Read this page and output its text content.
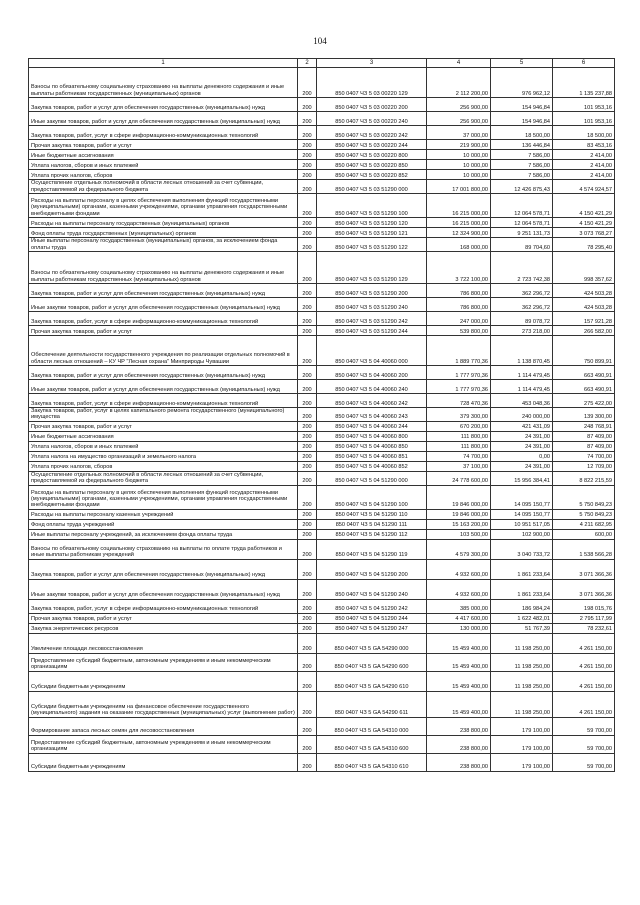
104
1	2	3	4	5	6
Взносы по обязательному социальному страхованию на выплаты денежного содержания и иные выплаты работникам государственных (муниципальных) органов	200	850 0407 ЧЗ 5 03 00220 129	2 112 200,00	976 962,12	1 135 237,88
Закупка товаров, работ и услуг для обеспечения государственных (муниципальных) нужд	200	850 0407 ЧЗ 5 03 00220 200	256 900,00	154 946,84	101 953,16
Иные закупки товаров, работ и услуг для обеспечения государственных (муниципальных) нужд	200	850 0407 ЧЗ 5 03 00220 240	256 900,00	154 946,84	101 953,16
Закупка товаров, работ, услуг в сфере информационно-коммуникационных технологий	200	850 0407 ЧЗ 5 03 00220 242	37 000,00	18 500,00	18 500,00
Прочая закупка товаров, работ и услуг	200	850 0407 ЧЗ 5 03 00220 244	219 900,00	136 446,84	83 453,16
Иные бюджетные ассигнования	200	850 0407 ЧЗ 5 03 00220 800	10 000,00	7 586,00	2 414,00
Уплата налогов, сборов и иных платежей	200	850 0407 ЧЗ 5 03 00220 850	10 000,00	7 586,00	2 414,00
Уплата прочих налогов, сборов	200	850 0407 ЧЗ 5 03 00220 852	10 000,00	7 586,00	2 414,00
Осуществление отдельных полномочий в области лесных отношений за счет субвенции, предоставляемой из федерального бюджета	200	850 0407 ЧЗ 5 03 51290 000	17 001 800,00	12 426 875,43	4 574 924,57
Расходы на выплаты персоналу в целях обеспечения выполнения функций государственными (муниципальными) органами, казенными учреждениями, органами управления государственными внебюджетными фондами	200	850 0407 ЧЗ 5 03 51290 100	16 215 000,00	12 064 578,71	4 150 421,29
Расходы на выплаты персоналу государственных (муниципальных) органов	200	850 0407 ЧЗ 5 03 51290 120	16 215 000,00	12 064 578,71	4 150 421,29
Фонд оплаты труда государственных (муниципальных) органов	200	850 0407 ЧЗ 5 03 51290 121	12 324 900,00	9 251 131,73	3 073 768,27
Иные выплаты персоналу государственных (муниципальных) органов, за исключением фонда оплаты труда	200	850 0407 ЧЗ 5 03 51290 122	168 000,00	89 704,60	78 295,40
Взносы по обязательному социальному страхованию на выплаты денежного содержания и иные выплаты работникам государственных (муниципальных) органов	200	850 0407 ЧЗ 5 03 51290 129	3 722 100,00	2 723 742,38	998 357,62
Закупка товаров, работ и услуг для обеспечения государственных (муниципальных) нужд	200	850 0407 ЧЗ 5 03 51290 200	786 800,00	362 296,72	424 503,28
Иные закупки товаров, работ и услуг для обеспечения государственных (муниципальных) нужд	200	850 0407 ЧЗ 5 03 51290 240	786 800,00	362 296,72	424 503,28
Закупка товаров, работ, услуг в сфере информационно-коммуникационных технологий	200	850 0407 ЧЗ 5 03 51290 242	247 000,00	89 078,72	157 921,28
Прочая закупка товаров, работ и услуг	200	850 0407 ЧЗ 5 03 51290 244	539 800,00	273 218,00	266 582,00
Обеспечение деятельности государственного учреждения по реализации отдельных полномочий в области лесных отношений – КУ ЧР "Лесная охрана" Минприроды Чувашии	200	850 0407 ЧЗ 5 04 40060 000	1 889 770,36	1 138 870,45	750 899,91
Закупка товаров, работ и услуг для обеспечения государственных (муниципальных) нужд	200	850 0407 ЧЗ 5 04 40060 200	1 777 970,36	1 114 479,45	663 490,91
Иные закупки товаров, работ и услуг для обеспечения государственных (муниципальных) нужд	200	850 0407 ЧЗ 5 04 40060 240	1 777 970,36	1 114 479,45	663 490,91
Закупка товаров, работ, услуг в сфере информационно-коммуникационных технологий	200	850 0407 ЧЗ 5 04 40060 242	728 470,36	453 048,36	275 422,00
Закупка товаров, работ, услуг в целях капитального ремонта государственного (муниципального) имущества	200	850 0407 ЧЗ 5 04 40060 243	379 300,00	240 000,00	139 300,00
Прочая закупка товаров, работ и услуг	200	850 0407 ЧЗ 5 04 40060 244	670 200,00	421 431,09	248 768,91
Иные бюджетные ассигнования	200	850 0407 ЧЗ 5 04 40060 800	111 800,00	24 391,00	87 409,00
Уплата налогов, сборов и иных платежей	200	850 0407 ЧЗ 5 04 40060 850	111 800,00	24 391,00	87 409,00
Уплата налога на имущество организаций и земельного налога	200	850 0407 ЧЗ 5 04 40060 851	74 700,00	0,00	74 700,00
Уплата прочих налогов, сборов	200	850 0407 ЧЗ 5 04 40060 852	37 100,00	24 391,00	12 709,00
Осуществление отдельных полномочий в области лесных отношений за счет субвенции, предоставляемой из федерального бюджета	200	850 0407 ЧЗ 5 04 51290 000	24 778 600,00	15 956 384,41	8 822 215,59
Расходы на выплаты персоналу в целях обеспечения выполнения функций государственными (муниципальными) органами, казенными учреждениями, органами управления государственными внебюджетными фондами	200	850 0407 ЧЗ 5 04 51290 100	19 846 000,00	14 095 150,77	5 750 849,23
Расходы на выплаты персоналу казенных учреждений	200	850 0407 ЧЗ 5 04 51290 110	19 846 000,00	14 095 150,77	5 750 849,23
Фонд оплаты труда учреждений	200	850 0407 ЧЗ 5 04 51290 111	15 163 200,00	10 951 517,05	4 211 682,95
Иные выплаты персоналу учреждений, за исключением фонда оплаты труда	200	850 0407 ЧЗ 5 04 51290 112	103 500,00	102 900,00	600,00
Взносы по обязательному социальному страхованию на выплаты по оплате труда работников и иные выплаты работникам учреждений	200	850 0407 ЧЗ 5 04 51290 119	4 579 300,00	3 040 733,72	1 538 566,28
Закупка товаров, работ и услуг для обеспечения государственных (муниципальных) нужд	200	850 0407 ЧЗ 5 04 51290 200	4 932 600,00	1 861 233,64	3 071 366,36
Иные закупки товаров, работ и услуг для обеспечения государственных (муниципальных) нужд	200	850 0407 ЧЗ 5 04 51290 240	4 932 600,00	1 861 233,64	3 071 366,36
Закупка товаров, работ, услуг в сфере информационно-коммуникационных технологий	200	850 0407 ЧЗ 5 04 51290 242	385 000,00	186 984,24	198 015,76
Прочая закупка товаров, работ и услуг	200	850 0407 ЧЗ 5 04 51290 244	4 417 600,00	1 622 482,01	2 795 117,99
Закупка энергетических ресурсов	200	850 0407 ЧЗ 5 04 51290 247	130 000,00	51 767,39	78 232,61
Увеличение площади лесовосстановления	200	850 0407 ЧЗ 5 GA 54290 000	15 459 400,00	11 198 250,00	4 261 150,00
Предоставление субсидий бюджетным, автономным учреждениям и иным некоммерческим организациям	200	850 0407 ЧЗ 5 GA 54290 600	15 459 400,00	11 198 250,00	4 261 150,00
Субсидии бюджетным учреждениям	200	850 0407 ЧЗ 5 GA 54290 610	15 459 400,00	11 198 250,00	4 261 150,00
Субсидии бюджетным учреждениям на финансовое обеспечение государственного (муниципального) задания на оказание государственных (муниципальных) услуг (выполнение работ)	200	850 0407 ЧЗ 5 GA 54290 611	15 459 400,00	11 198 250,00	4 261 150,00
Формирование запаса лесных семян для лесовосстановления	200	850 0407 ЧЗ 5 GA 54310 000	238 800,00	179 100,00	59 700,00
Предоставление субсидий бюджетным, автономным учреждениям и иным некоммерческим организациям	200	850 0407 ЧЗ 5 GA 54310 600	238 800,00	179 100,00	59 700,00
Субсидии бюджетным учреждениям	200	850 0407 ЧЗ 5 GA 54310 610	238 800,00	179 100,00	59 700,00
